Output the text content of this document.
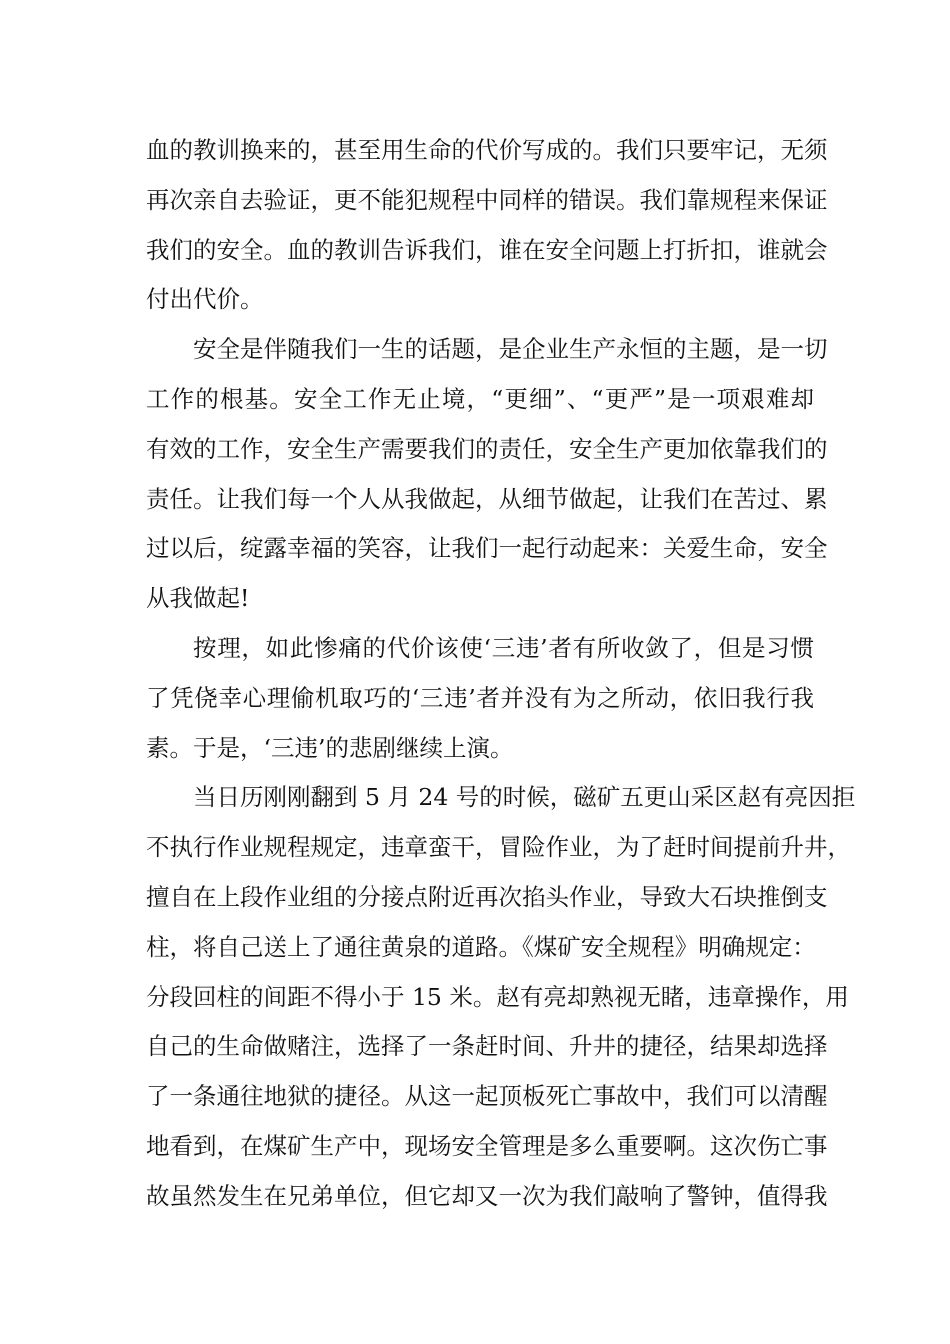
血的教训换来的，甚至用生命的代价写成的。我们只要牢记，无须
再次亲自去验证，更不能犯规程中同样的错误。我们靠规程来保证
我们的安全。血的教训告诉我们，谁在安全问题上打折扣，谁就会
付出代价。
安全是伴随我们一生的话题，是企业生产永恒的主题，是一切
工作的根基。安全工作无止境，“更细”、“更严”是一项艰难却
有效的工作，安全生产需要我们的责任，安全生产更加依靠我们的
责任。让我们每一个人从我做起，从细节做起，让我们在苦过、累
过以后，绽露幸福的笑容，让我们一起行动起来：关爱生命，安全
从我做起!
按理，如此惨痛的代价该使‘三违’者有所收敛了，但是习惯
了凭侥幸心理偷机取巧的‘三违’者并没有为之所动，依旧我行我
素。于是，‘三违’的悲剧继续上演。
当日历刚刚翻到 5 月 24 号的时候，磁矿五更山采区赵有亮因拒
不执行作业规程规定，违章蛮干，冒险作业，为了赶时间提前升井，
擅自在上段作业组的分接点附近再次掐头作业，导致大石块推倒支
柱，将自己送上了通往黄泉的道路。《煤矿安全规程》明确规定：
分段回柱的间距不得小于 15 米。赵有亮却熟视无睹，违章操作，用
自己的生命做赌注，选择了一条赶时间、升井的捷径，结果却选择
了一条通往地狱的捷径。从这一起顶板死亡事故中，我们可以清醒
地看到，在煤矿生产中，现场安全管理是多么重要啊。这次伤亡事
故虽然发生在兄弟单位，但它却又一次为我们敲响了警钟，值得我
